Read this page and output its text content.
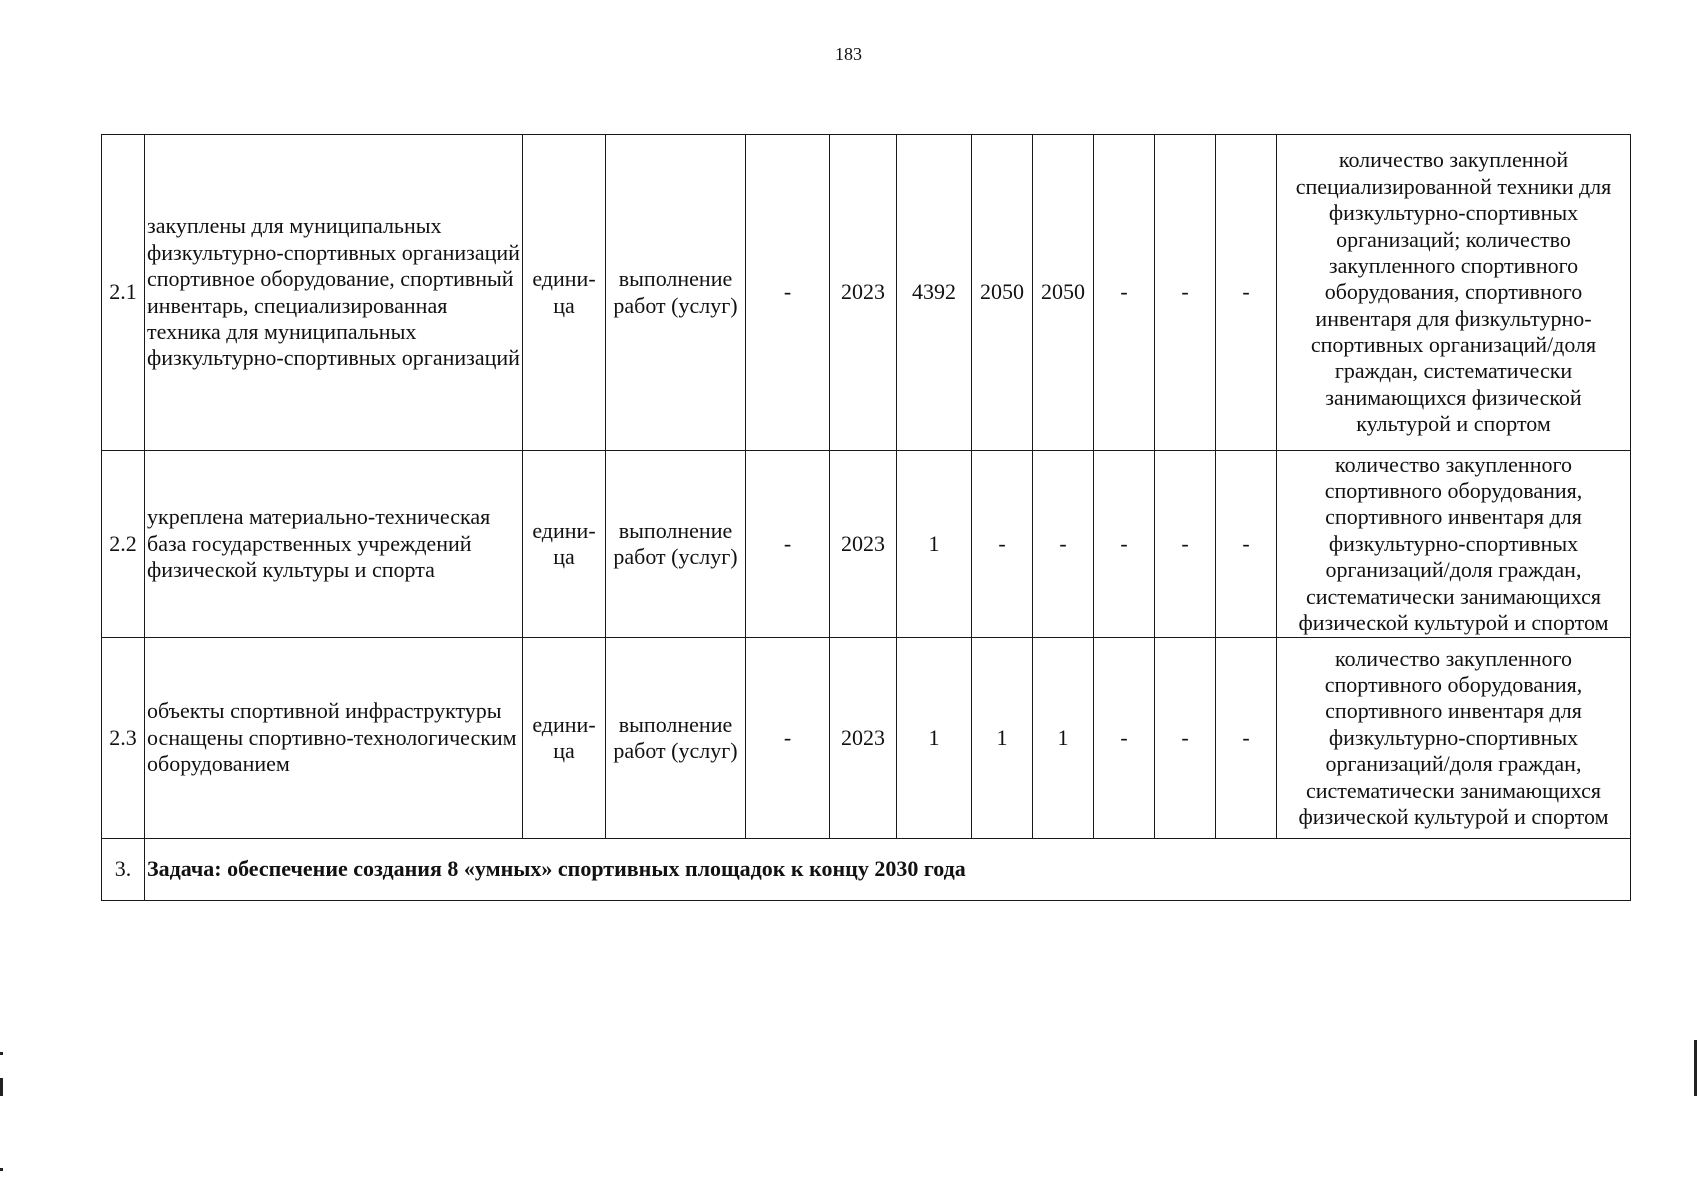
183
2.1	закуплены для муниципальных физкультурно-спортивных организаций спортивное оборудование, спортивный инвентарь, специализированная техника для муниципальных физкультурно-спортивных организаций	едини-ца	выполнение работ (услуг)	-	2023	4392	2050	2050	-	-	-	количество закупленной специализированной техники для физкультурно-спортивных организаций; количество закупленного спортивного оборудования, спортивного инвентаря для физкультурно-спортивных организаций/доля граждан, систематически занимающихся физической культурой и спортом
2.2	укреплена материально-техническая база государственных учреждений физической культуры и спорта	едини-ца	выполнение работ (услуг)	-	2023	1	-	-	-	-	-	количество закупленного спортивного оборудования, спортивного инвентаря для физкультурно-спортивных организаций/доля граждан, систематически занимающихся физической культурой и спортом
2.3	объекты спортивной инфраструктуры оснащены спортивно-технологическим оборудованием	едини-ца	выполнение работ (услуг)	-	2023	1	1	1	-	-	-	количество закупленного спортивного оборудования, спортивного инвентаря для физкультурно-спортивных организаций/доля граждан, систематически занимающихся физической культурой и спортом
3.	Задача: обеспечение создания 8 «умных» спортивных площадок к концу 2030 года											
